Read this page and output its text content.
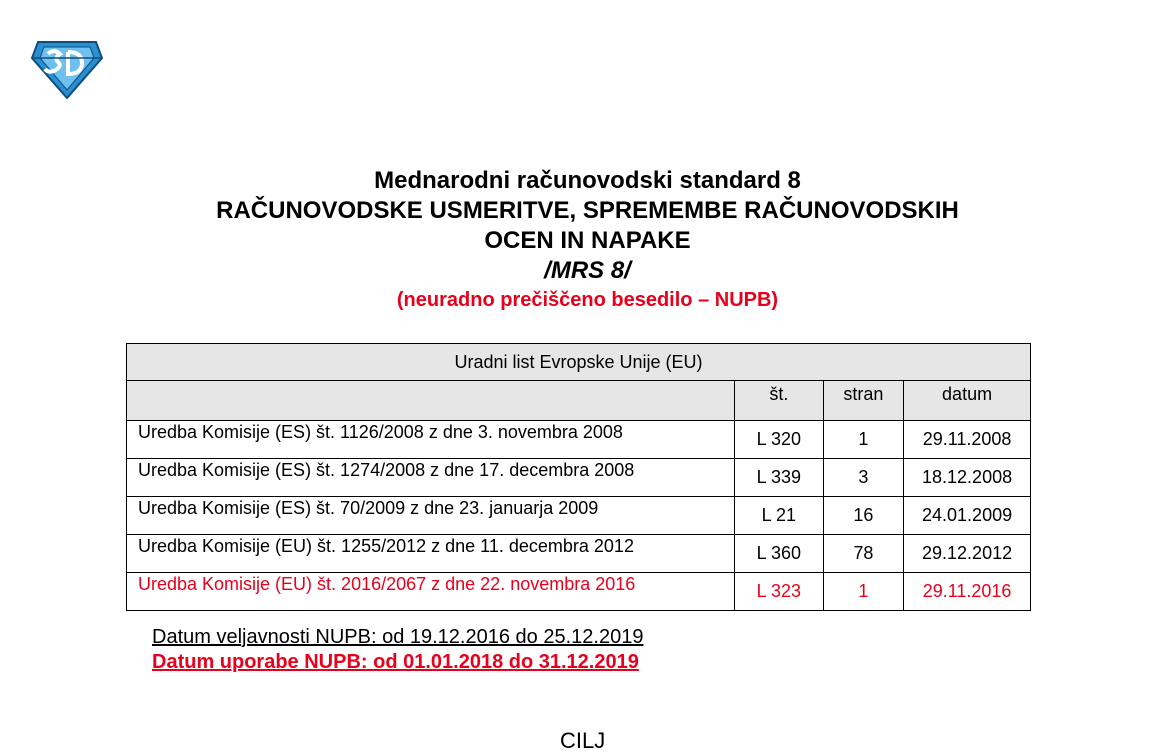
Mednarodni računovodski standard 8
RAČUNOVODSKE USMERITVE, SPREMEMBE RAČUNOVODSKIH
OCEN IN NAPAKE
/MRS 8/
(neuradno prečiščeno besedilo – NUPB)
Uradni list Evropske Unije (EU)			
	št.	stran	datum
Uredba Komisije (ES) št. 1126/2008 z dne 3. novembra 2008	L 320	1	29.11.2008
Uredba Komisije (ES) št. 1274/2008 z dne 17. decembra 2008	L 339	3	18.12.2008
Uredba Komisije (ES) št. 70/2009 z dne 23. januarja 2009	L 21	16	24.01.2009
Uredba Komisije (EU) št. 1255/2012 z dne 11. decembra 2012	L 360	78	29.12.2012
Uredba Komisije (EU) št. 2016/2067 z dne 22. novembra 2016	L 323	1	29.11.2016
Datum veljavnosti NUPB: od 19.12.2016 do 25.12.2019
Datum uporabe NUPB: od 01.01.2018 do 31.12.2019
CILJ
